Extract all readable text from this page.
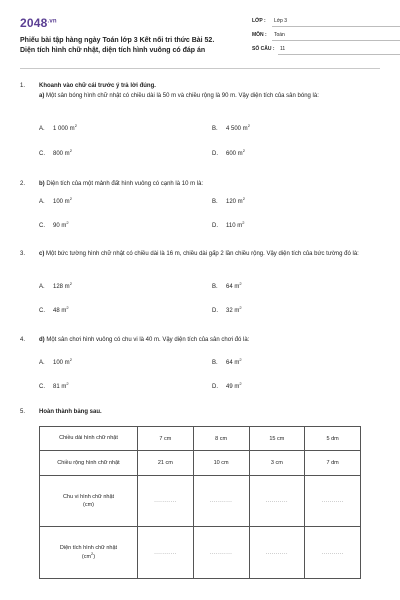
$2048^{.vn}$
Phiếu bài tập hàng ngày Toán lớp 3 Kết nối tri thức Bài 52.
Diện tích hình chữ nhật, diện tích hình vuông có đáp án
LỚP : Lớp 3
MÔN : Toán
SỐ CÂU : 11
1. Khoanh vào chữ cái trước ý trả lời đúng.
a) Một sân bóng hình chữ nhật có chiều dài là 50 m và chiều rộng là 90 m. Vậy diện tích của sân bóng là:
A. 1 000 $m^2$
B. 4 500 $m^2$
C. 800 $m^2$
D. 600 $m^2$
2. b) Diện tích của một mảnh đất hình vuông có cạnh là 10 m là:
A. 100 $m^2$
B. 120 $m^2$
C. 90 $m^2$
D. 110 $m^2$
3. c) Một bức tường hình chữ nhật có chiều dài là 16 m, chiều dài gấp 2 lần chiều rộng. Vậy diện tích của bức tường đó là:
A. 128 $m^2$
B. 64 $m^2$
C. 48 $m^2$
D. 32 $m^2$
4. d) Một sân chơi hình vuông có chu vi là 40 m. Vậy diện tích của sân chơi đó là:
A. 100 $m^2$
B. 64 $m^2$
C. 81 $m^2$
D. 49 $m^2$
5. Hoàn thành bảng sau.
Chiều dài hình chữ nhật	7 cm	8 cm	15 cm	5 dm
Chiều rộng hình chữ nhật	21 cm	10 cm	3 cm	7 dm

Chu vi hình chữ nhật
(cm)	...........	...........	...........	...........

Diện tích hình chữ nhật
$(cm^2)$	...........	...........	...........	...........
